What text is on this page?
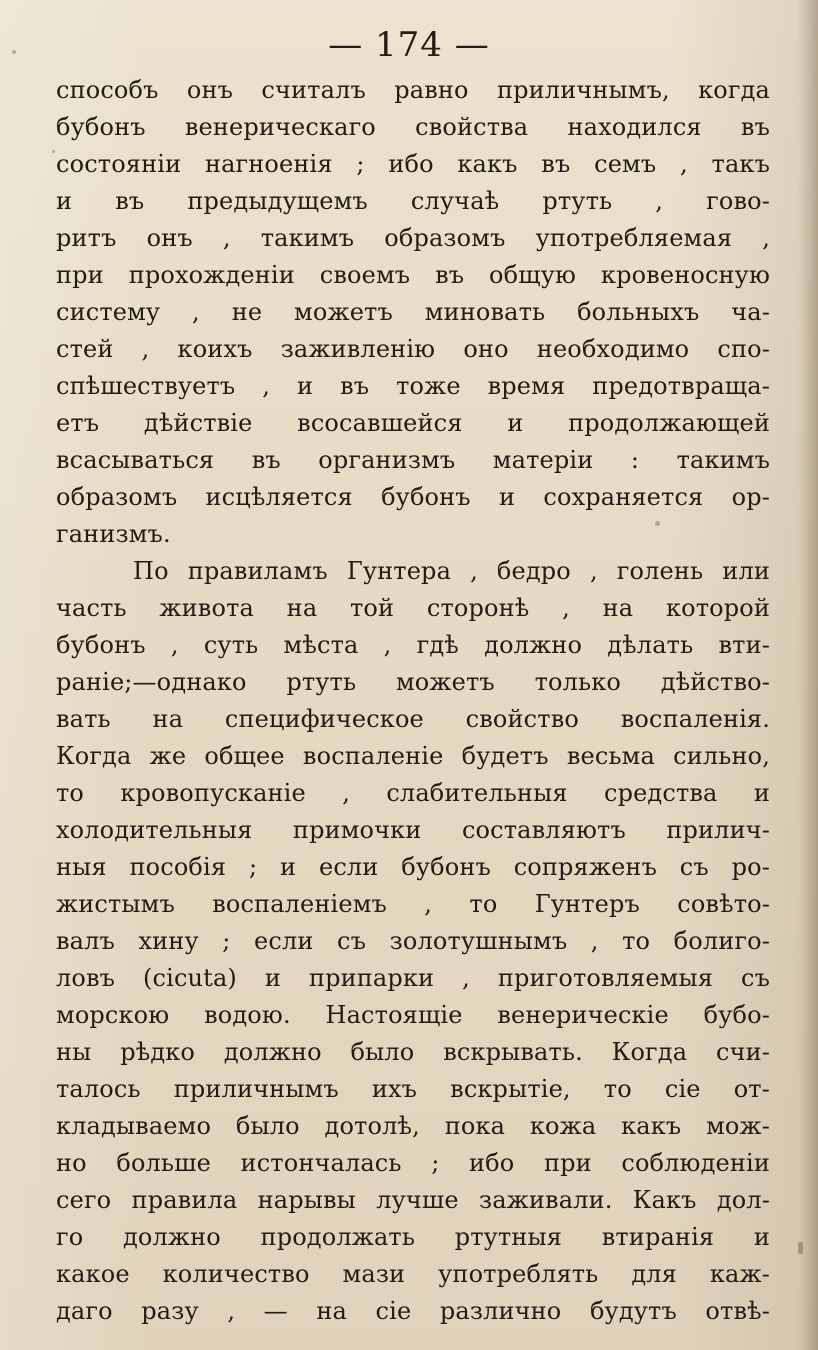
— 174 —
способъ онъ считалъ равно приличнымъ, когда
бубонъ венерическаго свойства находился въ
состояніи нагноенія ; ибо какъ въ семъ , такъ
и въ предыдущемъ случаѣ ртуть , гово-
ритъ онъ , такимъ образомъ употребляемая ,
при прохожденіи своемъ въ общую кровеносную
систему , не можетъ миновать больныхъ ча-
стей , коихъ заживленію оно необходимо спо-
спѣшествуетъ , и въ тоже время предотвраща-
етъ дѣйствіе всосавшейся и продолжающей
всасываться въ организмъ матеріи : такимъ
образомъ исцѣляется бубонъ и сохраняется ор-
ганизмъ.
По правиламъ Гунтера , бедро , голень или
часть живота на той сторонѣ , на которой
бубонъ , суть мѣста , гдѣ должно дѣлать вти-
раніе;—однако ртуть можетъ только дѣйство-
вать на специфическое свойство воспаленія.
Когда же общее воспаленіе будетъ весьма сильно,
то кровопусканіе , слабительныя средства и
холодительныя примочки составляютъ прилич-
ныя пособія ; и если бубонъ сопряженъ съ ро-
жистымъ воспаленіемъ , то Гунтеръ совѣто-
валъ хину ; если съ золотушнымъ , то болиго-
ловъ (cicuta) и припарки , приготовляемыя съ
морскою водою. Настоящіе венерическіе бубо-
ны рѣдко должно было вскрывать. Когда счи-
талось приличнымъ ихъ вскрытіе, то сіе от-
кладываемо было дотолѣ, пока кожа какъ мож-
но больше истончалась ; ибо при соблюденіи
сего правила нарывы лучше заживали. Какъ дол-
го должно продолжать ртутныя втиранія и
какое количество мази употреблять для каж-
даго разу , — на сіе различно будутъ отвѣ-
